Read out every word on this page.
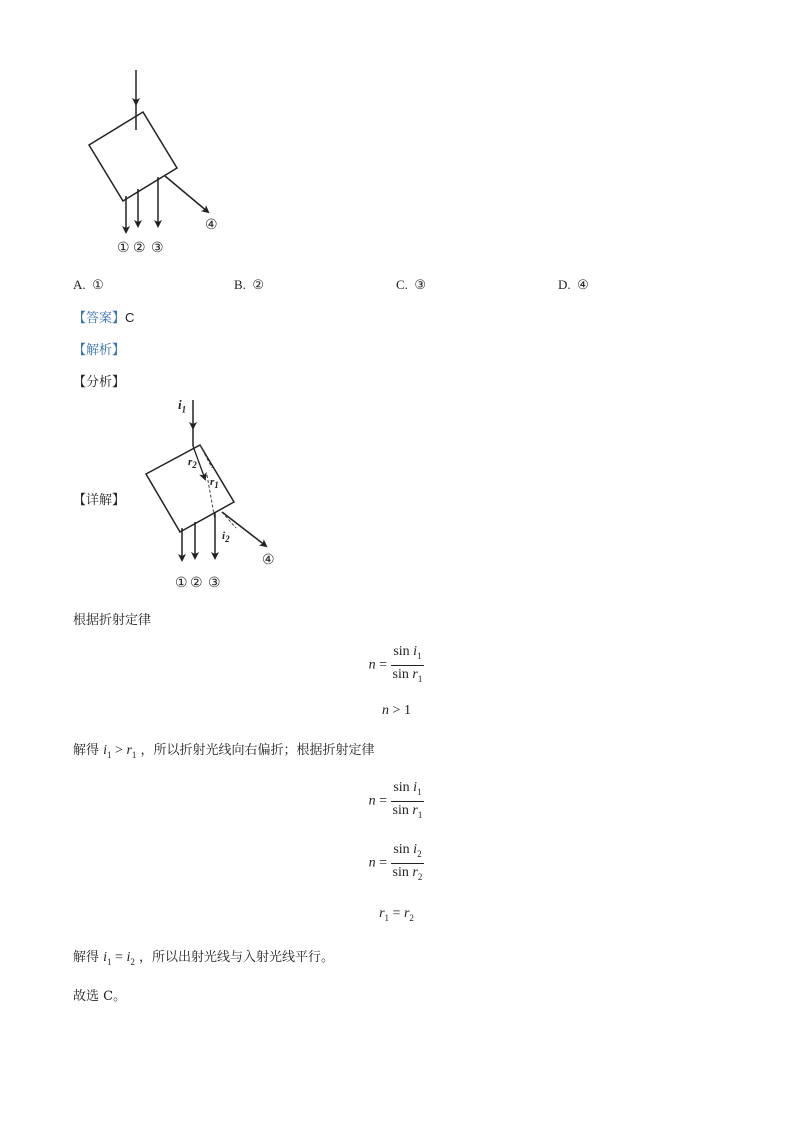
① ② ③
④
A. ①	B. ②	C. ③	D. ④
【答案】C
【解析】
【分析】
【详解】
$i_1$
$r_2$
$r_1$
$i_2$
① ② ③
④
根据折射定律
$n = \frac{\sin i_1}{\sin r_1}$
n > 1
解得 $i_1 > r_1$ ，所以折射光线向右偏折；根据折射定律
$n = \frac{\sin i_1}{\sin r_1}$
$n = \frac{\sin i_2}{\sin r_2}$
$r_1 = r_2$
解得 $i_1 = i_2$ ，所以出射光线与入射光线平行。
故选 C。
